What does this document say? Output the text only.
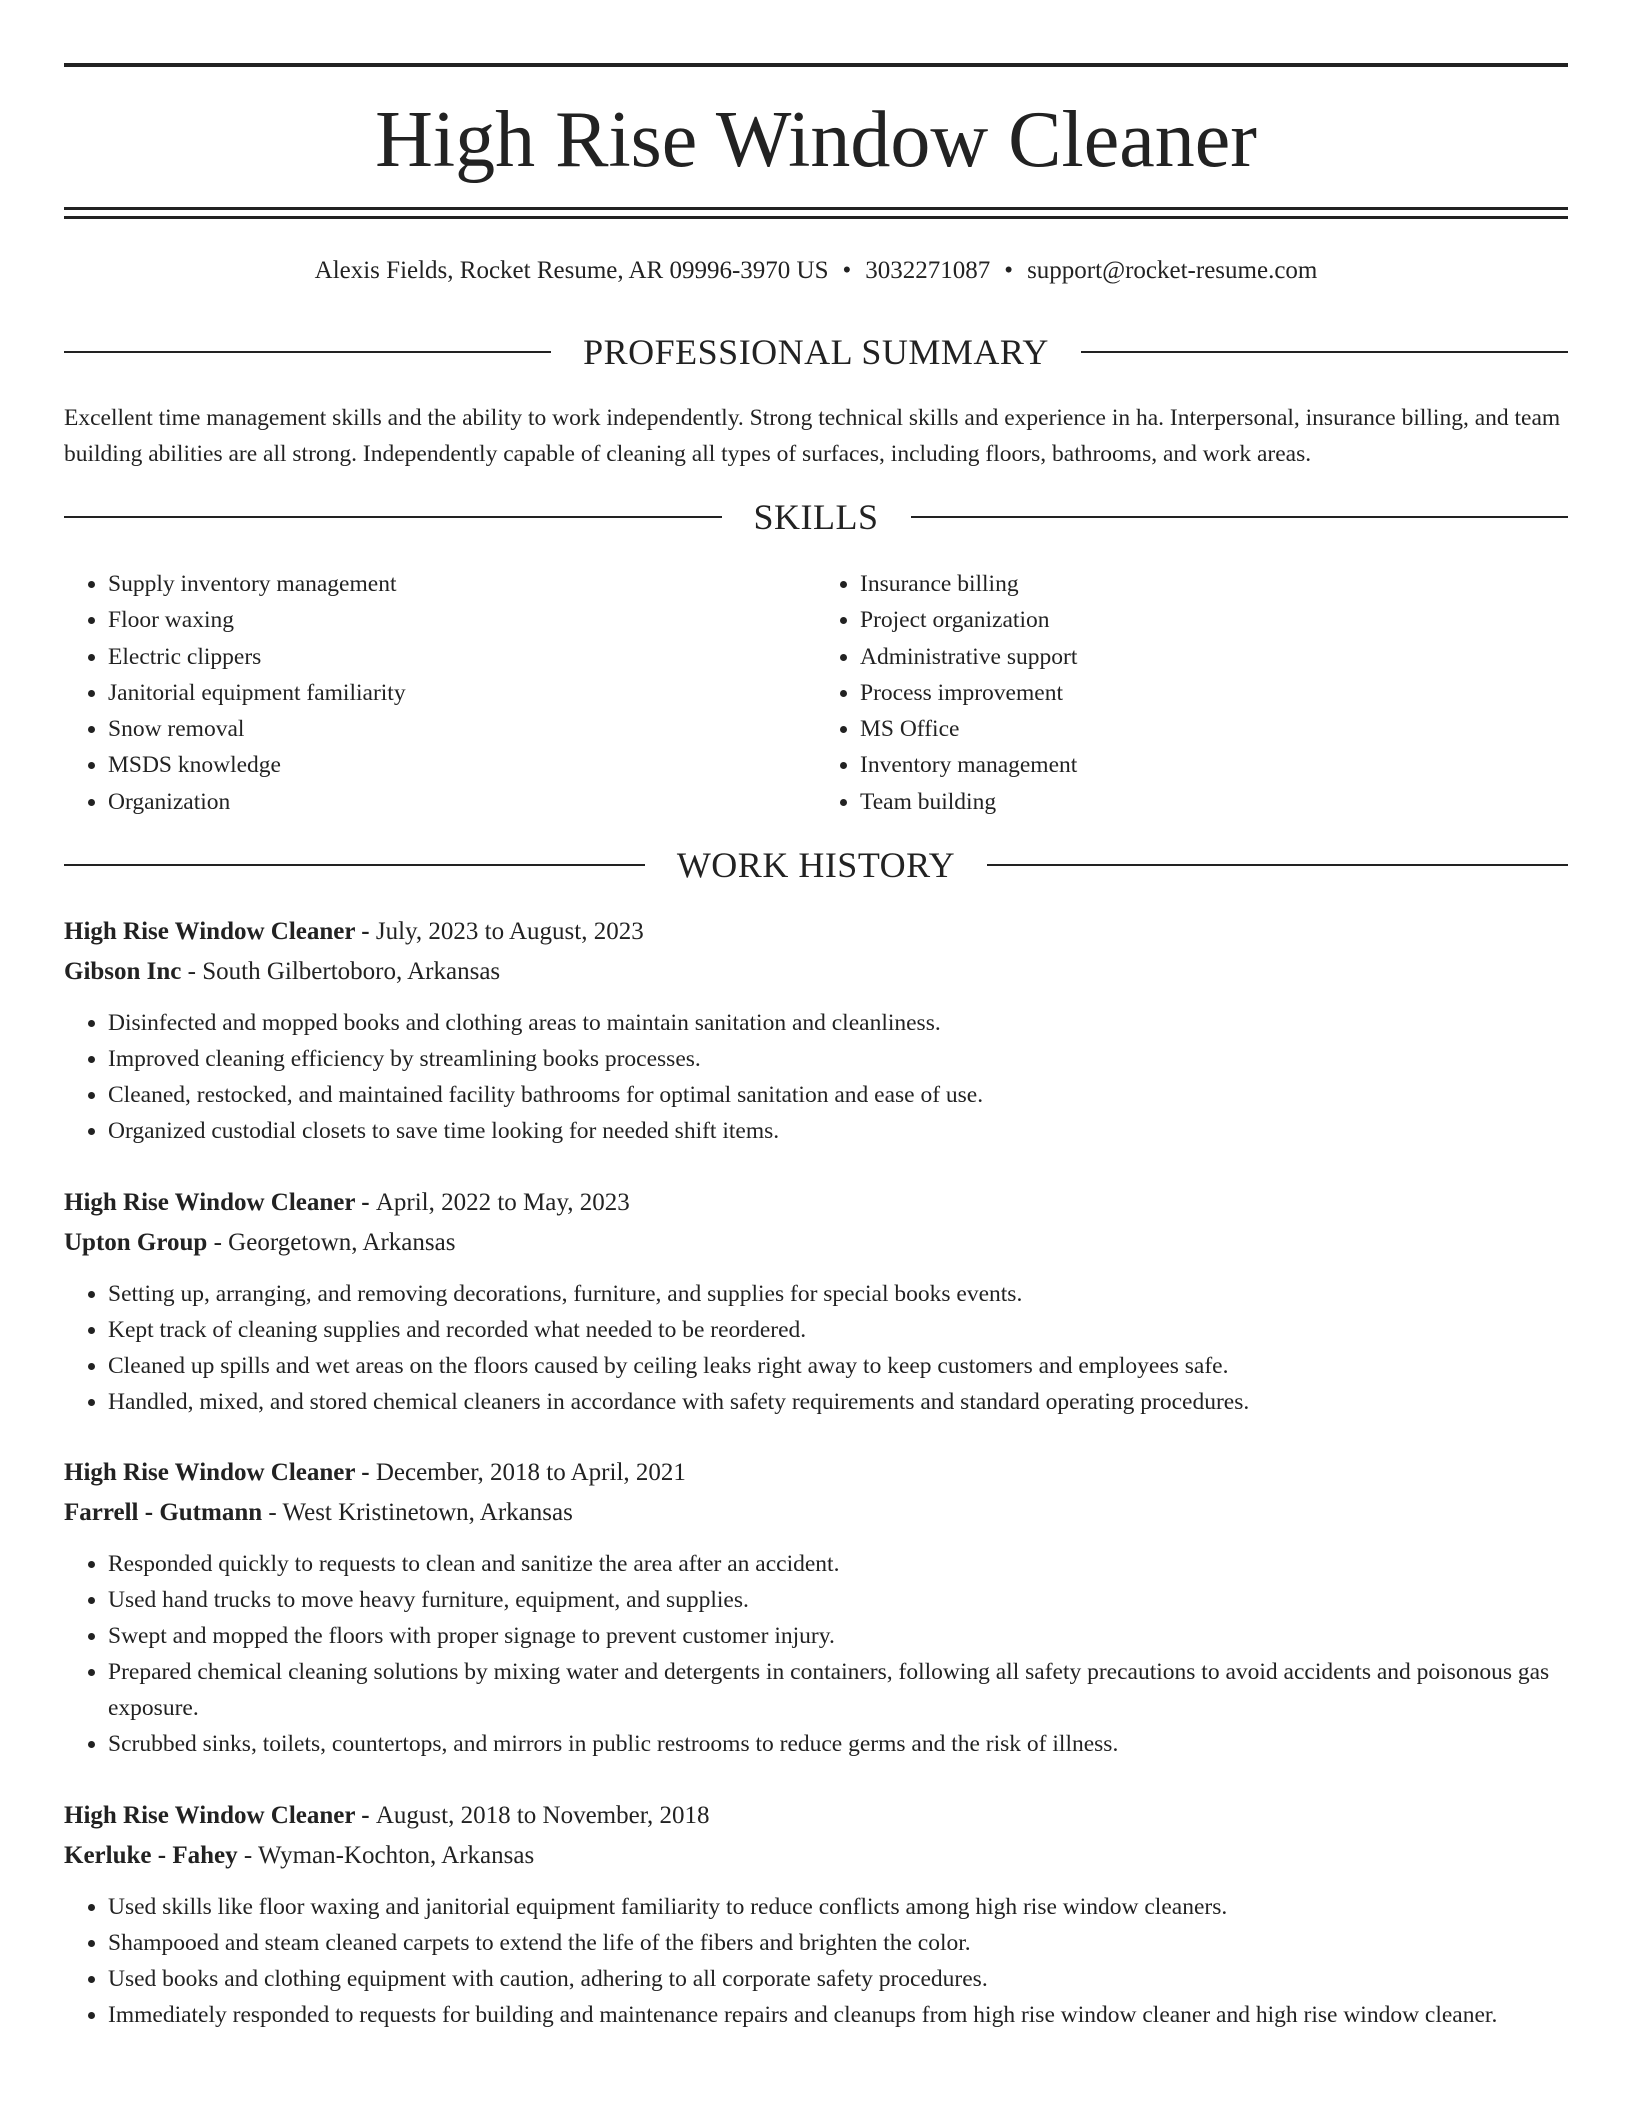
High Rise Window Cleaner
Alexis Fields, Rocket Resume, AR 09996-3970 US • 3032271087 • support@rocket-resume.com
PROFESSIONAL SUMMARY

Excellent time management skills and the ability to work independently. Strong technical skills and experience in ha. Interpersonal, insurance billing, and team building abilities are all strong. Independently capable of cleaning all types of surfaces, including floors, bathrooms, and work areas.

SKILLS
• Supply inventory management
• Floor waxing
• Electric clippers
• Janitorial equipment familiarity
• Snow removal
• MSDS knowledge
• Organization
• Insurance billing
• Project organization
• Administrative support
• Process improvement
• MS Office
• Inventory management
• Team building
WORK HISTORY
High Rise Window Cleaner - July, 2023 to August, 2023
Gibson Inc - South Gilbertoboro, Arkansas
• Disinfected and mopped books and clothing areas to maintain sanitation and cleanliness.
• Improved cleaning efficiency by streamlining books processes.
• Cleaned, restocked, and maintained facility bathrooms for optimal sanitation and ease of use.
• Organized custodial closets to save time looking for needed shift items.
High Rise Window Cleaner - April, 2022 to May, 2023
Upton Group - Georgetown, Arkansas
• Setting up, arranging, and removing decorations, furniture, and supplies for special books events.
• Kept track of cleaning supplies and recorded what needed to be reordered.
• Cleaned up spills and wet areas on the floors caused by ceiling leaks right away to keep customers and employees safe.
• Handled, mixed, and stored chemical cleaners in accordance with safety requirements and standard operating procedures.
High Rise Window Cleaner - December, 2018 to April, 2021
Farrell - Gutmann - West Kristinetown, Arkansas
• Responded quickly to requests to clean and sanitize the area after an accident.
• Used hand trucks to move heavy furniture, equipment, and supplies.
• Swept and mopped the floors with proper signage to prevent customer injury.
• Prepared chemical cleaning solutions by mixing water and detergents in containers, following all safety precautions to avoid accidents and poisonous gas exposure.
• Scrubbed sinks, toilets, countertops, and mirrors in public restrooms to reduce germs and the risk of illness.
High Rise Window Cleaner - August, 2018 to November, 2018
Kerluke - Fahey - Wyman-Kochton, Arkansas
• Used skills like floor waxing and janitorial equipment familiarity to reduce conflicts among high rise window cleaners.
• Shampooed and steam cleaned carpets to extend the life of the fibers and brighten the color.
• Used books and clothing equipment with caution, adhering to all corporate safety procedures.
• Immediately responded to requests for building and maintenance repairs and cleanups from high rise window cleaner and high rise window cleaner.
